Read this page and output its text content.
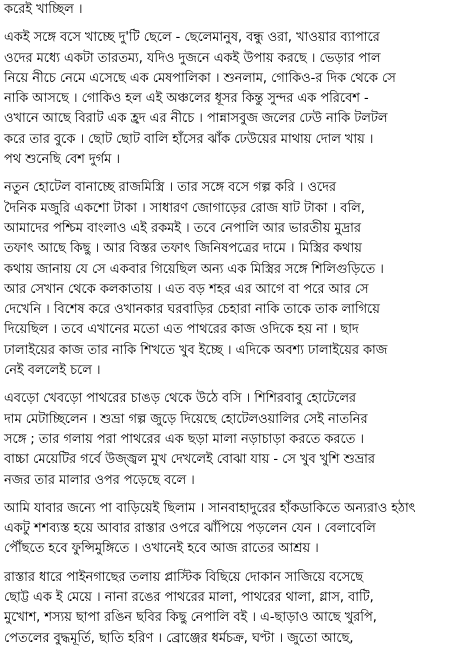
করেই খাচ্ছিল ।
একই সঙ্গে বসে খাচ্ছে দু'টি ছেলে - ছেলেমানুষ, বন্ধু ওরা, খাওয়ার ব্যাপারে
ওদের মধ্যে একটা তারতম্য, যদিও দুজনে একই উপায় করছে । ভেড়ার পাল
নিয়ে নীচে নেমে এসেছে এক মেষপালিকা । শুনলাম, গোকিও-র দিক থেকে সে
নাকি আসছে । গোকিও হল এই অঞ্চলের ধূসর কিন্তু সুন্দর এক পরিবেশ -
ওখানে আছে বিরাট এক হ্রদ এর নীচে । পান্নাসবুজ জলের ঢেউ নাকি টলটল
করে তার বুকে । ছোট ছোট বালি হাঁসের ঝাঁক ঢেউয়ের মাথায় দোল খায় ।
পথ শুনেছি বেশ দুর্গম ।
নতুন হোটেল বানাচ্ছে রাজমিস্ত্রি । তার সঙ্গে বসে গল্প করি । ওদের
দৈনিক মজুরি একশো টাকা । সাধারণ জোগাড়ের রোজ ষাট টাকা । বলি,
আমাদের পশ্চিম বাংলাও এই রকমই । তবে নেপালি আর ভারতীয় মুদ্রার
তফাৎ আছে কিছু । আর বিস্তর তফাৎ জিনিষপত্রের দামে । মিস্ত্রির কথায়
কথায় জানায় যে সে একবার গিয়েছিল অন্য এক মিস্ত্রির সঙ্গে শিলিগুড়িতে ।
আর সেখান থেকে কলকাতায় । এত বড় শহর এর আগে বা পরে আর সে
দেখেনি । বিশেষ করে ওখানকার ঘরবাড়ির চেহারা নাকি তাকে তাক লাগিয়ে
দিয়েছিল । তবে এখানের মতো এত পাথরের কাজ ওদিকে হয় না । ছাদ
ঢালাইয়ের কাজ তার নাকি শিখতে খুব ইচ্ছে । এদিকে অবশ্য ঢালাইয়ের কাজ
নেই বললেই চলে ।
এবড়ো খেবড়ো পাথরের চাঙড় থেকে উঠে বসি । শিশিরবাবু হোটেলের
দাম মেটাচ্ছিলেন । শুভ্রা গল্প জুড়ে দিয়েছে হোটেলওয়ালির সেই নাতনির
সঙ্গে ; তার গলায় পরা পাথরের এক ছড়া মালা নড়াচাড়া করতে করতে ।
বাচ্চা মেয়েটির গর্বে উজ্জ্বল মুখ দেখলেই বোঝা যায় - সে খুব খুশি শুভ্রার
নজর তার মালার ওপর পড়েছে বলে ।
আমি যাবার জন্যে পা বাড়িয়েই ছিলাম । সানবাহাদুরের হাঁকডাকিতে অন্যরাও হঠাৎ
একটু শশব্যস্ত হয়ে আবার রাস্তার ওপরে ঝাঁপিয়ে পড়লেন যেন । বেলাবেলি
পৌঁছতে হবে ফুন্সিমুঙ্গিতে । ওখানেই হবে আজ রাতের আশ্রয় ।
রাস্তার ধারে পাইনগাছের তলায় প্লাস্টিক বিছিয়ে দোকান সাজিয়ে বসেছে
ছোট্ট এক ই মেয়ে । নানা রঙের পাথরের মালা, পাথরের থালা, গ্লাস, বাটি,
মুখোশ, শস্যয় ছাপা রঙিন ছবির কিছু নেপালি বই । এ-ছাড়াও আছে খুরপি,
পেতলের বুদ্ধমূর্তি, ছাতি হরিণ । ব্রোঞ্জের ধর্মচক্র, ঘণ্টা । জুতো আছে,
